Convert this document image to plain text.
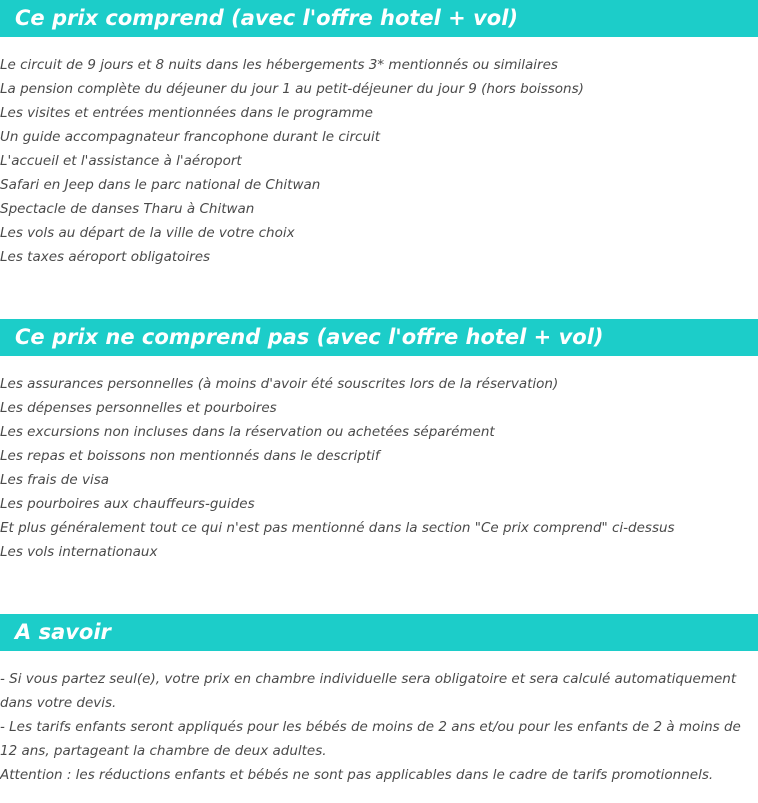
Ce prix comprend (avec l'offre hotel + vol)
Le circuit de 9 jours et 8 nuits dans les hébergements 3* mentionnés ou similaires
La pension complète du déjeuner du jour 1 au petit-déjeuner du jour 9 (hors boissons)
Les visites et entrées mentionnées dans le programme
Un guide accompagnateur francophone durant le circuit
L'accueil et l'assistance à l'aéroport
Safari en Jeep dans le parc national de Chitwan
Spectacle de danses Tharu à Chitwan
Les vols au départ de la ville de votre choix
Les taxes aéroport obligatoires
Ce prix ne comprend pas (avec l'offre hotel + vol)
Les assurances personnelles (à moins d'avoir été souscrites lors de la réservation)
Les dépenses personnelles et pourboires
Les excursions non incluses dans la réservation ou achetées séparément
Les repas et boissons non mentionnés dans le descriptif
Les frais de visa
Les pourboires aux chauffeurs-guides
Et plus généralement tout ce qui n'est pas mentionné dans la section "Ce prix comprend" ci-dessus
Les vols internationaux
A savoir

- Si vous partez seul(e), votre prix en chambre individuelle sera obligatoire et sera calculé automatiquement dans votre devis.

- Les tarifs enfants seront appliqués pour les bébés de moins de 2 ans et/ou pour les enfants de 2 à moins de 12 ans, partageant la chambre de deux adultes.

Attention : les réductions enfants et bébés ne sont pas applicables dans le cadre de tarifs promotionnels.
